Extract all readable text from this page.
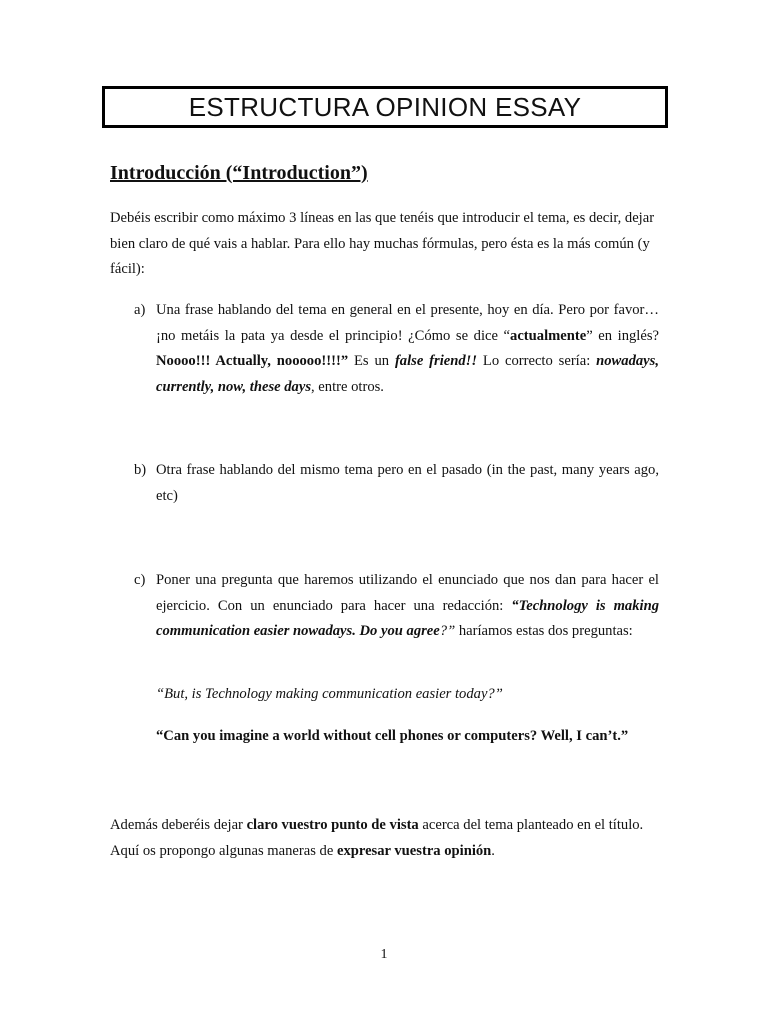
ESTRUCTURA OPINION ESSAY
Introducción (“Introduction”)
Debéis escribir como máximo 3 líneas en las que tenéis que introducir el tema, es decir, dejar bien claro de qué vais a hablar. Para ello hay muchas fórmulas, pero ésta es la más común (y fácil):
a) Una frase hablando del tema en general en el presente, hoy en día. Pero por favor…¡no metáis la pata ya desde el principio! ¿Cómo se dice “actualmente” en inglés? Noooo!!! Actually, nooooo!!!!” Es un false friend!! Lo correcto sería: nowadays, currently, now, these days, entre otros.
b) Otra frase hablando del mismo tema pero en el pasado (in the past, many years ago, etc)
c) Poner una pregunta que haremos utilizando el enunciado que nos dan para hacer el ejercicio. Con un enunciado para hacer una redacción: “Technology is making communication easier nowadays. Do you agree?” haríamos estas dos preguntas:
“But, is Technology making communication easier today?”
“Can you imagine a world without cell phones or computers? Well, I can’t.”
Además deberéis dejar claro vuestro punto de vista acerca del tema planteado en el título. Aquí os propongo algunas maneras de expresar vuestra opinión.
1
